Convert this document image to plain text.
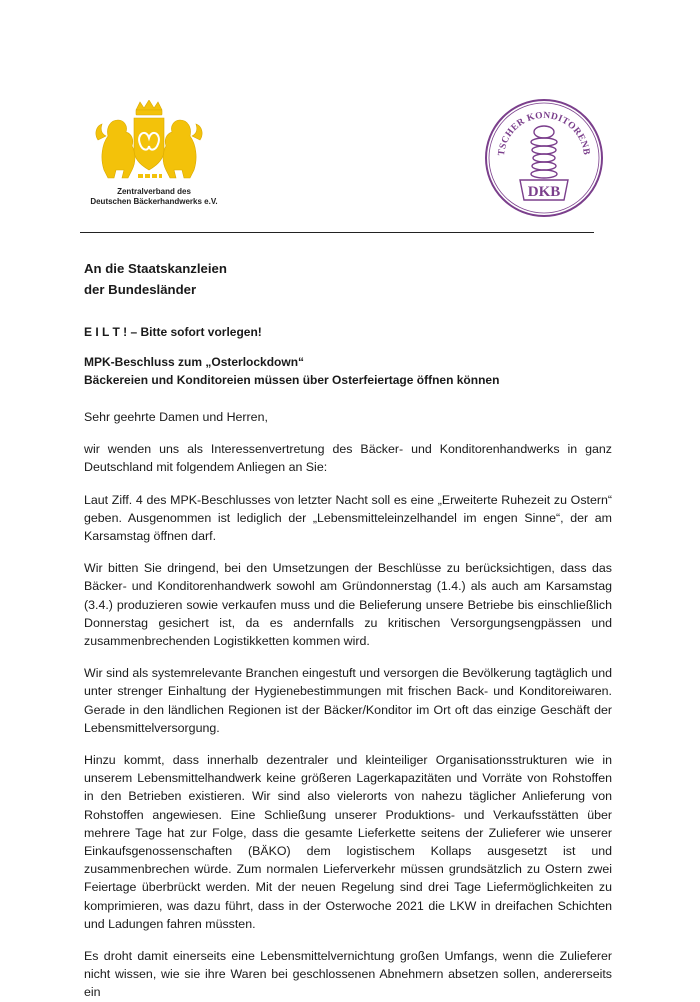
Zentralverband des
Deutschen Bäckerhandwerks e.V.
TSCHER KONDITORENB
DKB
An die Staatskanzleien
der Bundesländer
E I L T ! – Bitte sofort vorlegen!
MPK-Beschluss zum „Osterlockdown“
Bäckereien und Konditoreien müssen über Osterfeiertage öffnen können

Sehr geehrte Damen und Herren,

wir wenden uns als Interessenvertretung des Bäcker- und Konditorenhandwerks in ganz Deutschland mit folgendem Anliegen an Sie:

Laut Ziff. 4 des MPK-Beschlusses von letzter Nacht soll es eine „Erweiterte Ruhezeit zu Ostern“ geben. Ausgenommen ist lediglich der „Lebensmitteleinzelhandel im engen Sinne“, der am Karsamstag öffnen darf.

Wir bitten Sie dringend, bei den Umsetzungen der Beschlüsse zu berücksichtigen, dass das Bäcker- und Konditorenhandwerk sowohl am Gründonnerstag (1.4.) als auch am Karsamstag (3.4.) produzieren sowie verkaufen muss und die Belieferung unsere Betriebe bis einschließlich Donnerstag gesichert ist, da es andernfalls zu kritischen Versorgungsengpässen und zusammenbrechenden Logistikketten kommen wird.

Wir sind als systemrelevante Branchen eingestuft und versorgen die Bevölkerung tagtäglich und unter strenger Einhaltung der Hygienebestimmungen mit frischen Back- und Konditoreiwaren. Gerade in den ländlichen Regionen ist der Bäcker/Konditor im Ort oft das einzige Geschäft der Lebensmittelversorgung.

Hinzu kommt, dass innerhalb dezentraler und kleinteiliger Organisationsstrukturen wie in unserem Lebensmittelhandwerk keine größeren Lagerkapazitäten und Vorräte von Rohstoffen in den Betrieben existieren. Wir sind also vielerorts von nahezu täglicher Anlieferung von Rohstoffen angewiesen. Eine Schließung unserer Produktions- und Verkaufsstätten über mehrere Tage hat zur Folge, dass die gesamte Lieferkette seitens der Zulieferer wie unserer Einkaufsgenossenschaften (BÄKO) dem logistischem Kollaps ausgesetzt ist und zusammenbrechen würde. Zum normalen Lieferverkehr müssen grundsätzlich zu Ostern zwei Feiertage überbrückt werden. Mit der neuen Regelung sind drei Tage Liefermöglichkeiten zu komprimieren, was dazu führt, dass in der Osterwoche 2021 die LKW in dreifachen Schichten und Ladungen fahren müssten.

Es droht damit einerseits eine Lebensmittelvernichtung großen Umfangs, wenn die Zulieferer nicht wissen, wie sie ihre Waren bei geschlossenen Abnehmern absetzen sollen, andererseits ein
